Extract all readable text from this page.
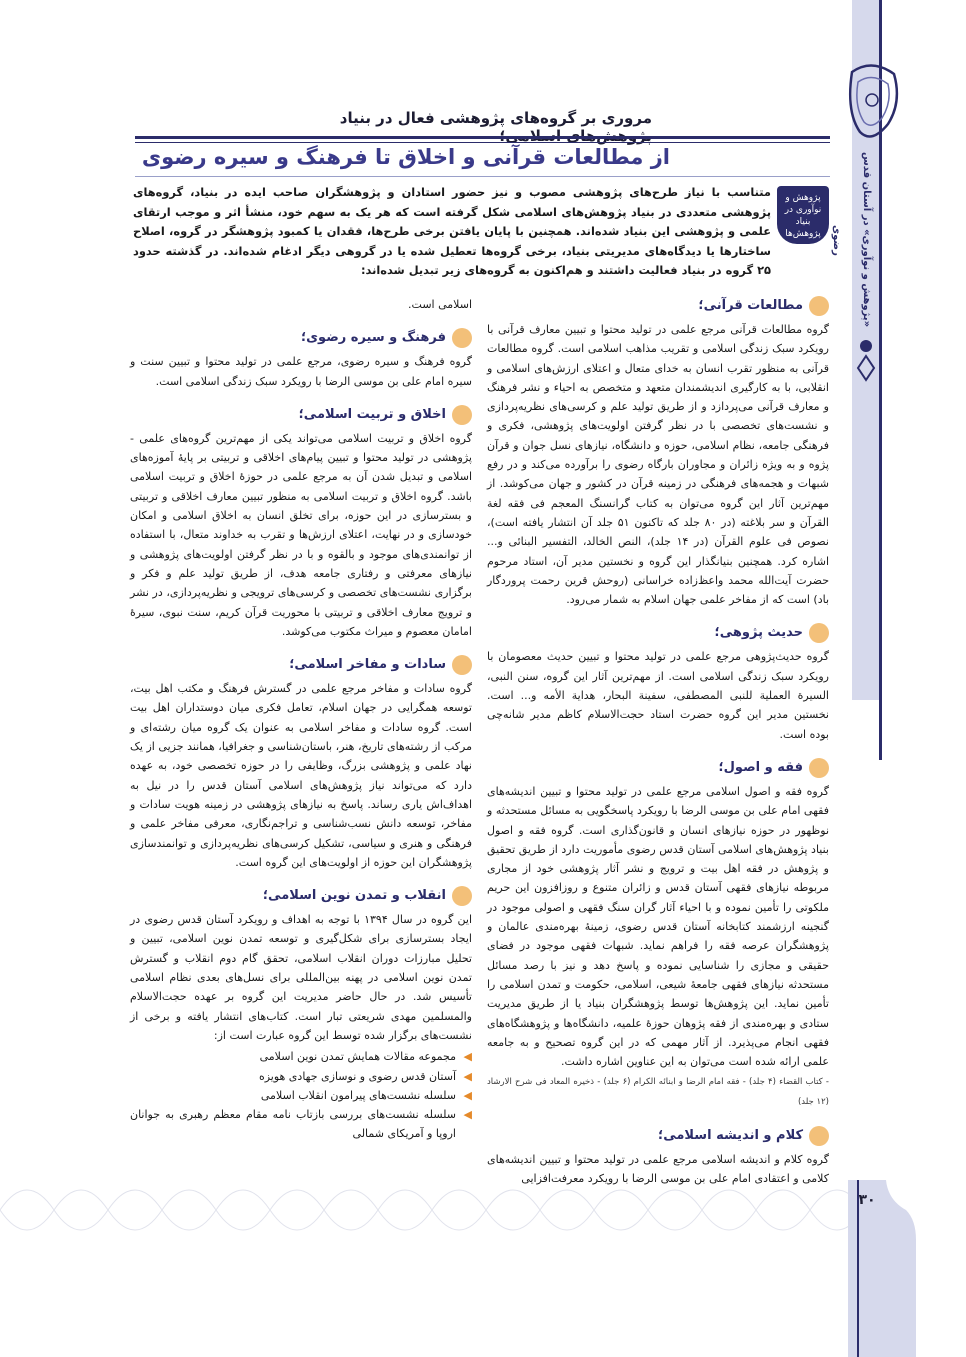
«پژوهش و نوآوری» در آستان قدس رضوی
مروری بر گروه‌های پژوهشی فعال در بنیاد
از مطالعات قرآنی و اخلاق تا فرهنگ و سیره رضوی
پژوهش و نوآوری در بنیاد پژوهش‌ها
متناسب با نیاز طرح‌های پژوهشی مصوب و نیز حضور استادان و پژوهشگران صاحب ایده در بنیاد، گروه‌های پژوهشی متعددی در بنیاد پژوهش‌های اسلامی شکل گرفته است که هر یک به سهم خود، منشأ اثر و موجب ارتقای علمی و پژوهشی این بنیاد شده‌اند. همچنین با پایان یافتن برخی طرح‌ها، فقدان یا کمبود پژوهشگر در گروه، اصلاح ساختارها یا دیدگاه‌های مدیریتی بنیاد، برخی گروه‌ها تعطیل شده یا در گروهی دیگر ادغام شده‌اند. در گذشته حدود ۲۵ گروه در بنیاد فعالیت داشتند و هم‌اکنون به گروه‌های زیر تبدیل شده‌اند:
مطالعات قرآنی؛
گروه مطالعات قرآنی مرجع علمی در تولید محتوا و تبیین معارف قرآنی با رویکرد سبک زندگی اسلامی و تقریب مذاهب اسلامی است. گروه مطالعات قرآنی به منظور تقرب انسان به خدای متعال و اعتلای ارزش‌های اسلامی و انقلابی، با به کارگیری اندیشمندان متعهد و متخصص به احیاء و نشر فرهنگ و معارف قرآنی می‌پردازد و از طریق تولید علم و کرسی‌های نظریه‌پردازی و نشست‌های تخصصی با در نظر گرفتن اولویت‌های پژوهشی، فکری و فرهنگی جامعه، نظام اسلامی، حوزه و دانشگاه، نیازهای نسل جوان و قرآن پژوه و به ویژه زائران و مجاوران بارگاه رضوی را برآورده می‌کند و در رفع شبهات و هجمه‌های فرهنگی در زمینه قرآن در کشور و جهان می‌کوشد. از مهم‌ترین آثار این گروه می‌توان به کتاب گرانسنگ المعجم فی فقه لغة القرآن و سر بلاغته (در ۸۰ جلد که تاکنون ۵۱ جلد آن انتشار یافته است)، نصوص فی علوم القرآن (در ۱۴ جلد)، النص الخالد، التفسیر البنائی و... اشاره کرد. همچنین بنیانگذار این گروه و نخستین مدیر آن، استاد مرحوم حضرت آیت‌الله محمد واعظ‌زاده خراسانی (روحش قرین رحمت پروردگار باد) است که از مفاخر علمی جهان اسلام به شمار می‌رود.
حدیث پژوهی؛
گروه حدیث‌پژوهی مرجع علمی در تولید محتوا و تبیین حدیث معصومان با رویکرد سبک زندگی اسلامی است. از مهم‌ترین آثار این گروه، سنن النبی، السیرة العملیة للنبی المصطفی، سفینة البحار، هدایة الأمه و... است. نخستین مدیر این گروه حضرت استاد حجت‌الاسلام کاظم مدیر شانه‌چی بوده است.
فقه و اصول؛
گروه فقه و اصول اسلامی مرجع علمی در تولید محتوا و تبیین اندیشه‌های فقهی امام علی بن موسی الرضا با رویکرد پاسخگویی به مسائل مستحدثه و نوظهور در حوزه نیازهای انسان و قانون‌گذاری است. گروه فقه و اصول بنیاد پژوهش‌های اسلامی آستان قدس رضوی مأموریت دارد از طریق تحقیق و پژوهش در فقه اهل بیت و ترویج و نشر آثار پژوهشی خود از مجاری مربوطه نیازهای فقهی آستان قدس و زائران متنوع و روزافزون این حریم ملکوتی را تأمین نموده و با احیاء آثار گران سنگ فقهی و اصولی موجود در گنجینه ارزشمند کتابخانه آستان قدس رضوی، زمینهٔ بهره‌مندی عالمان و پژوهشگران عرصه فقه را فراهم نماید. شبهات فقهی موجود در فضای حقیقی و مجازی را شناسایی نموده و پاسخ دهد و نیز با رصد مسائل مستحدثه نیازهای فقهی جامعهٔ شیعی، اسلامی، حکومت و تمدن اسلامی را تأمین نماید. این پژوهش‌ها توسط پژوهشگران بنیاد یا از طریق مدیریت ستادی و بهره‌مندی از فقه پژوهان حوزهٔ علمیه، دانشگاه‌ها و پژوهشگاه‌های فقهی انجام می‌پذیرد. از آثار مهمی که در این گروه تصحیح و به جامعه علمی ارائه شده است می‌توان به این عناوین اشاره داشت.
- کتاب القضاء (۴ جلد) - فقه امام الرضا و ابنائه الکرام (۶ جلد) - ذخیره المعاد فی شرح الارشاد (۱۲ جلد)
کلام و اندیشه اسلامی؛
گروه کلام و اندیشه اسلامی مرجع علمی در تولید محتوا و تبیین اندیشه‌های کلامی و اعتقادی امام علی بن موسی الرضا با رویکرد معرفت‌افزایی
اسلامی است.
فرهنگ و سیره رضوی؛
گروه فرهنگ و سیره رضوی، مرجع علمی در تولید محتوا و تبیین سنت و سیره امام علی بن موسی الرضا با رویکرد سبک زندگی اسلامی است.
اخلاق و تربیت اسلامی؛
گروه اخلاق و تربیت اسلامی می‌تواند یکی از مهم‌ترین گروه‌های علمی - پژوهشی در تولید محتوا و تبیین پیام‌های اخلاقی و تربیتی بر پایهٔ آموزه‌های اسلامی و تبدیل شدن آن به مرجع علمی در حوزهٔ اخلاق و تربیت اسلامی باشد. گروه اخلاق و تربیت اسلامی به منظور تبیین معارف اخلاقی و تربیتی و بسترسازی در این حوزه، برای تخلق انسان به اخلاق اسلامی و امکان خودسازی و در نهایت، اعتلای ارزش‌ها و تقرب به خداوند متعال، با استفاده از توانمندی‌های موجود و بالقوه و با در نظر گرفتن اولویت‌های پژوهشی و نیازهای معرفتی و رفتاری جامعه هدف، از طریق تولید علم و فکر و برگزاری نشست‌های تخصصی و کرسی‌های ترویجی و نظریه‌پردازی، در نشر و ترویج معارف اخلاقی و تربیتی با محوریت قرآن کریم، سنت نبوی، سیرهٔ امامان معصوم و میراث مکتوب می‌کوشد.
سادات و مفاخر اسلامی؛
گروه سادات و مفاخر مرجع علمی در گسترش فرهنگ و مکتب اهل بیت، توسعه همگرایی در جهان اسلام، تعامل فکری میان دوستداران اهل بیت است. گروه سادات و مفاخر اسلامی به عنوان یک گروه میان رشته‌ای و مرکب از رشته‌های تاریخ، هنر، باستان‌شناسی و جغرافیا، همانند جزیی از یک نهاد علمی و پژوهشی بزرگ، وظایفی را در حوزه تخصصی خود، به عهده دارد که می‌تواند نیاز پژوهش‌های اسلامی آستان قدس را در نیل به اهداف‌اش یاری رساند. پاسخ به نیازهای پژوهشی در زمینه هویت سادات و مفاخر، توسعه دانش نسب‌شناسی و تراجم‌نگاری، معرفی مفاخر علمی و فرهنگی و هنری و سیاسی، تشکیل کرسی‌های نظریه‌پردازی و توانمندسازی پژوهشگران این حوزه از اولویت‌های این گروه است.
انقلاب و تمدن نوین اسلامی؛
این گروه در سال ۱۳۹۴ با توجه به اهداف و رویکرد آستان قدس رضوی در ایجاد بسترسازی برای شکل‌گیری و توسعه تمدن نوین اسلامی، تبیین و تحلیل مبارزات دوران انقلاب اسلامی، تحقق گام دوم انقلاب و گسترش تمدن نوین اسلامی در پهنه بین‌المللی برای نسل‌های بعدی نظام اسلامی تأسیس شد. در حال حاضر مدیریت این گروه بر عهده حجت‌الاسلام والمسلمین مهدی شریعتی تبار است. کتاب‌های انتشار یافته و برخی از نشست‌های برگزار شده توسط این گروه عبارت است از:
◀
مجموعه مقالات همایش تمدن نوین اسلامی
◀
آستان قدس رضوی و نوسازی جهادی هویزه
◀
سلسله نشست‌های پیرامون انقلاب اسلامی
◀
سلسله نشست‌های بررسی بازتاب نامه مقام معظم رهبری به جوانان اروپا و آمریکای شمالی
۳۰
